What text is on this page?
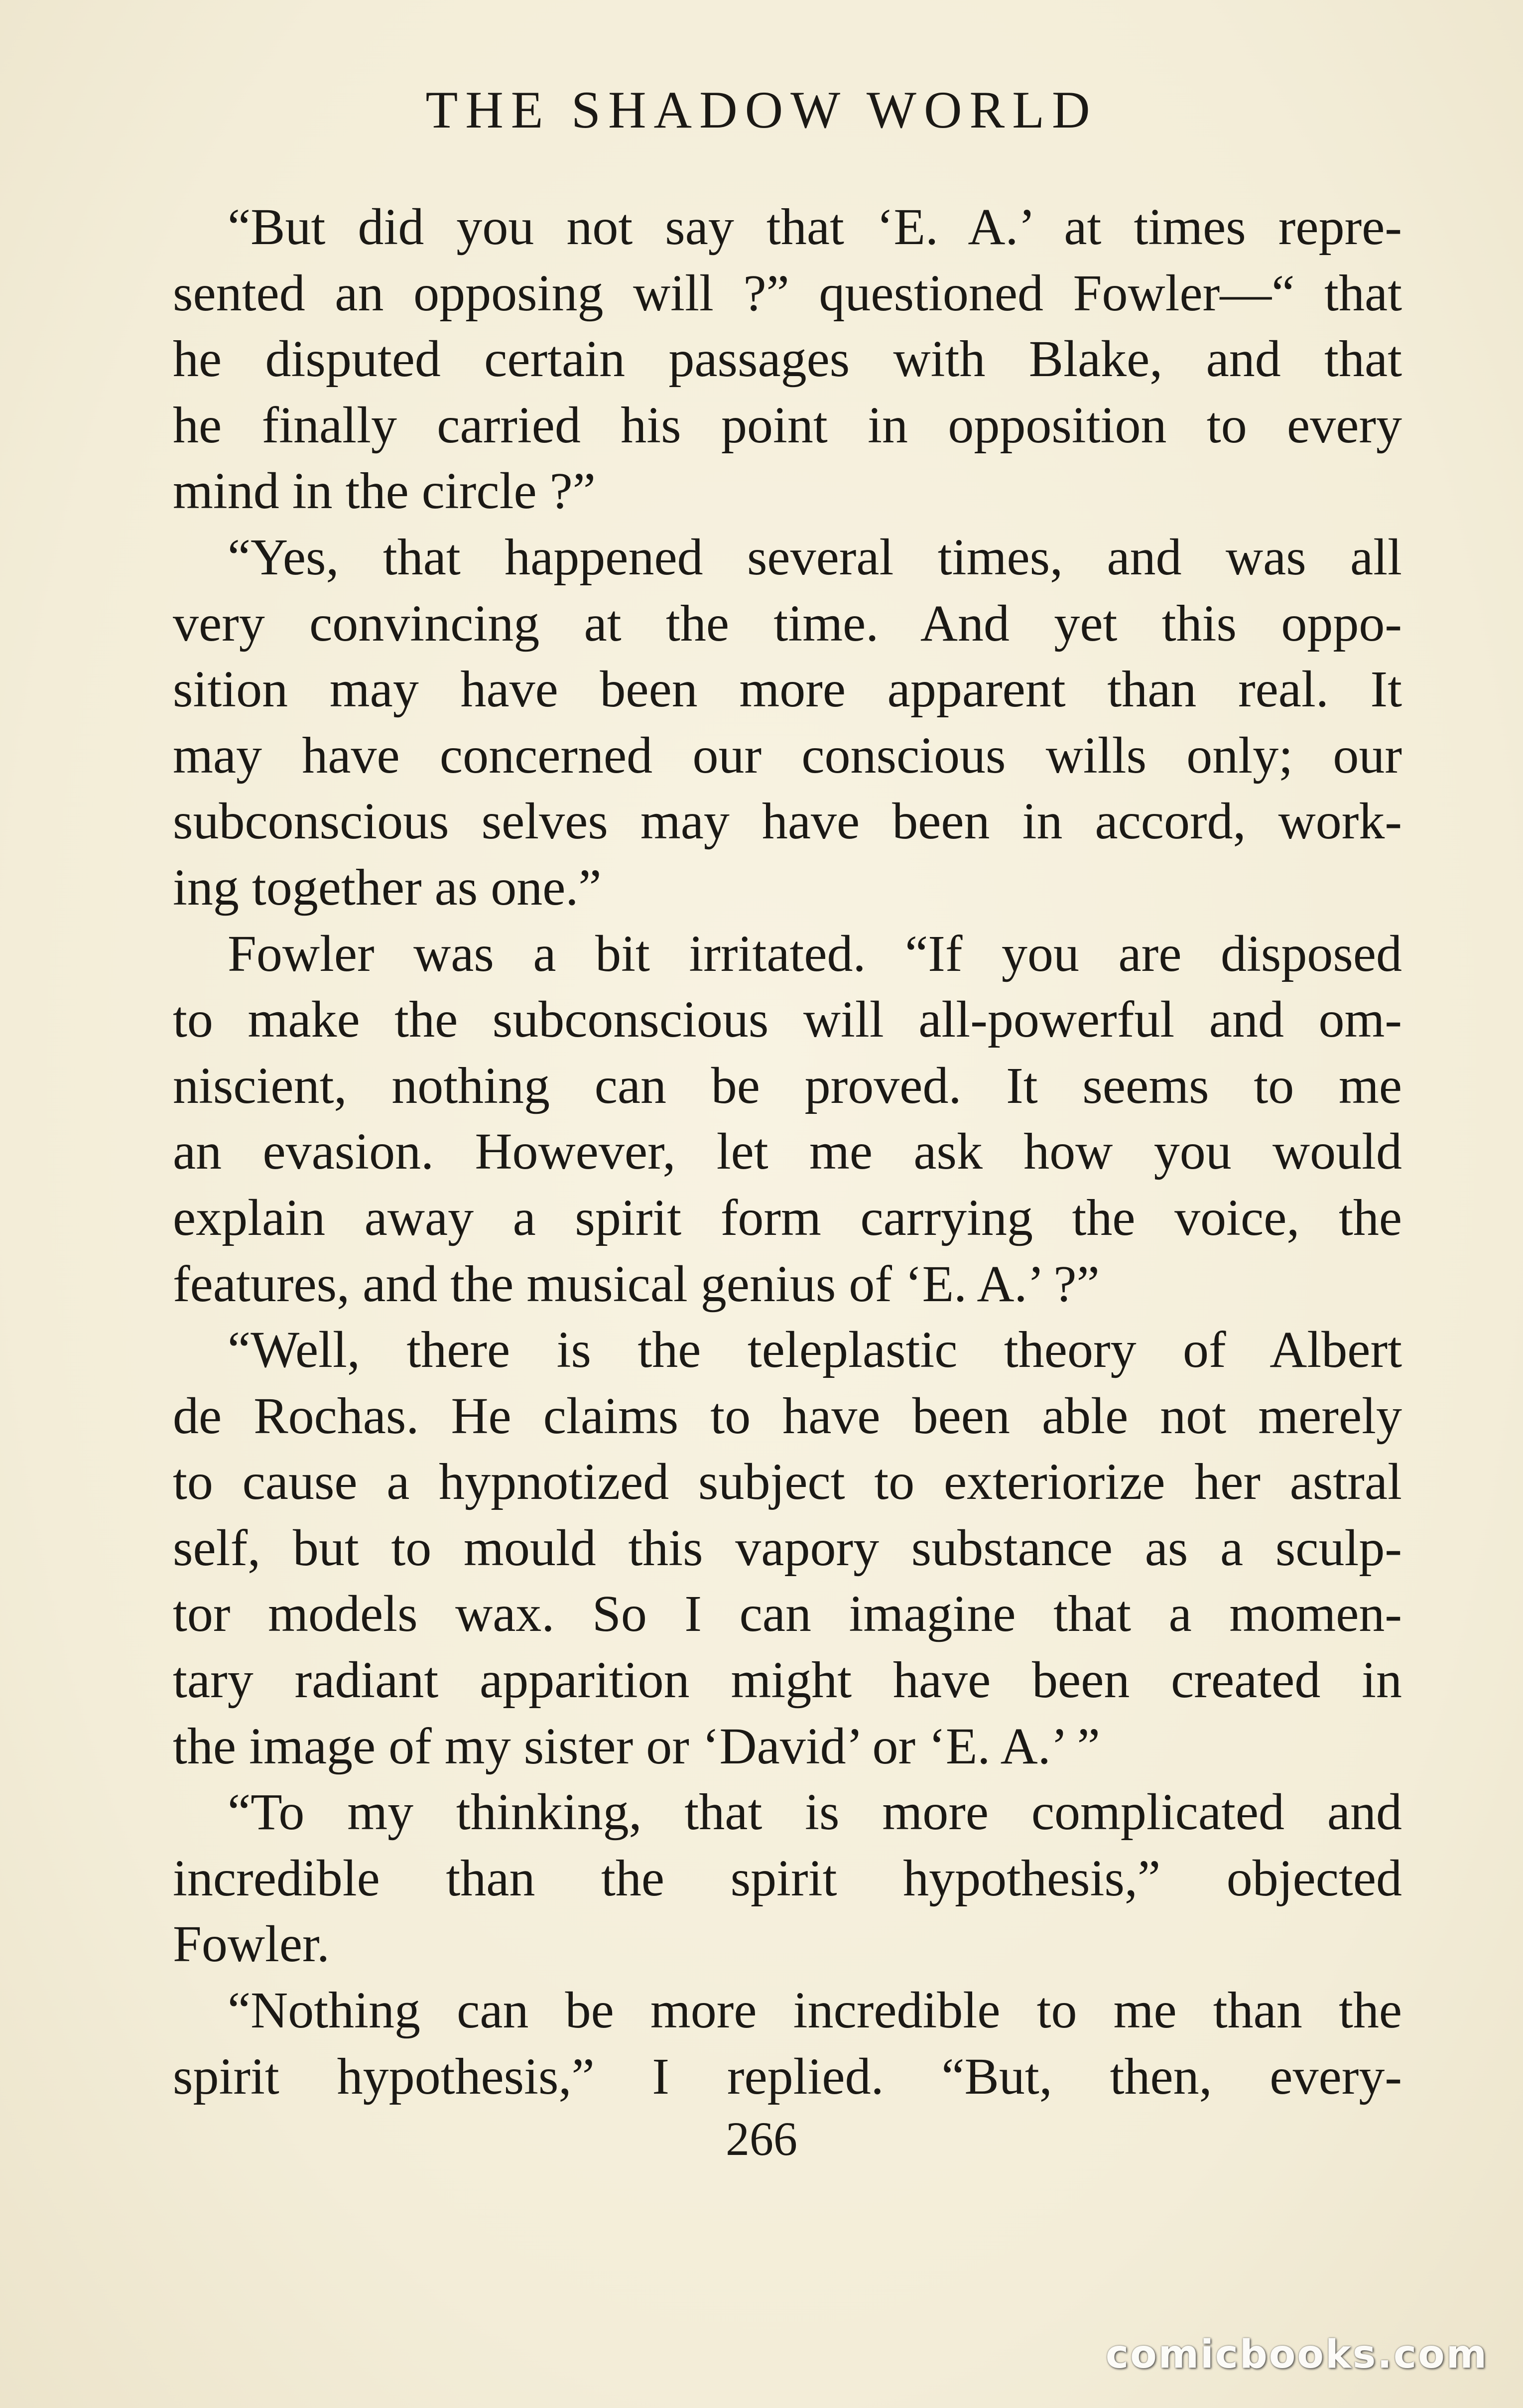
THE SHADOW WORLD
“But did you not say that ‘E. A.’ at times repre-
sented an opposing will ?” questioned Fowler—“ that
he disputed certain passages with Blake, and that
he finally carried his point in opposition to every
mind in the circle ?”
“Yes, that happened several times, and was all
very convincing at the time. And yet this oppo-
sition may have been more apparent than real. It
may have concerned our conscious wills only; our
subconscious selves may have been in accord, work-
ing together as one.”
Fowler was a bit irritated. “If you are disposed
to make the subconscious will all-powerful and om-
niscient, nothing can be proved. It seems to me
an evasion. However, let me ask how you would
explain away a spirit form carrying the voice, the
features, and the musical genius of ‘E. A.’ ?”
“Well, there is the teleplastic theory of Albert
de Rochas. He claims to have been able not merely
to cause a hypnotized subject to exteriorize her astral
self, but to mould this vapory substance as a sculp-
tor models wax. So I can imagine that a momen-
tary radiant apparition might have been created in
the image of my sister or ‘David’ or ‘E. A.’ ”
“To my thinking, that is more complicated and
incredible than the spirit hypothesis,” objected
Fowler.
“Nothing can be more incredible to me than the
spirit hypothesis,” I replied. “But, then, every-
266
comicbooks.com
